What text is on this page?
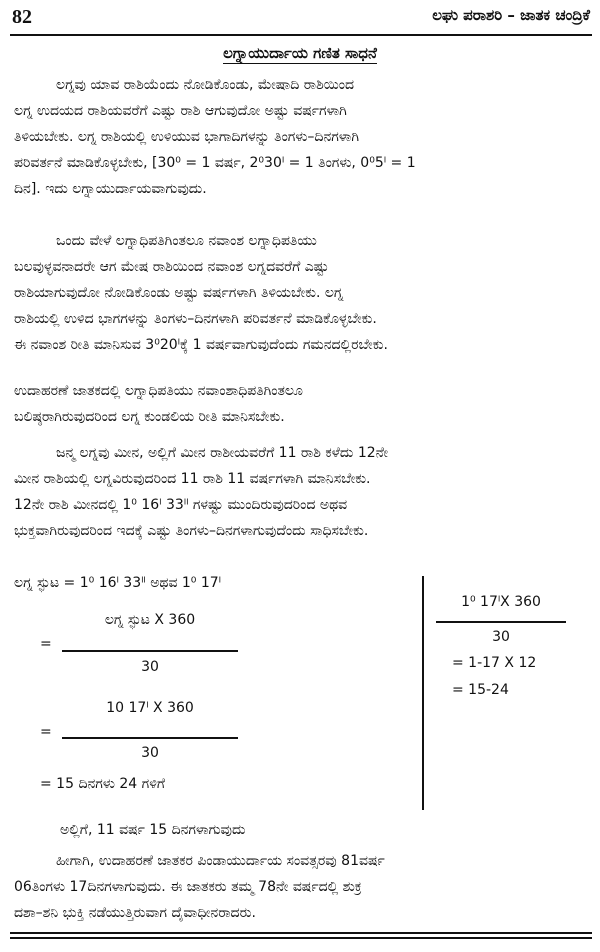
82	ಲಘು ಪರಾಶರಿ – ಜಾತಕ ಚಂದ್ರಿಕೆ
ಲಗ್ನಾಯುರ್ದಾಯ ಗಣಿತ ಸಾಧನೆ
ಲಗ್ನವು ಯಾವ ರಾಶಿಯೆಂದು ನೋಡಿಕೊಂಡು, ಮೇಷಾದಿ ರಾಶಿಯಿಂದ
ಲಗ್ನ ಉದಯದ ರಾಶಿಯವರೆಗೆ ಎಷ್ಟು ರಾಶಿ ಆಗುವುದೋ ಅಷ್ಟು ವರ್ಷಗಳಾಗಿ
ತಿಳಿಯಬೇಕು. ಲಗ್ನ ರಾಶಿಯಲ್ಲಿ ಉಳಿಯುವ ಭಾಗಾದಿಗಳನ್ನು ತಿಂಗಳು–ದಿನಗಳಾಗಿ
ಪರಿವರ್ತನೆ ಮಾಡಿಕೊಳ್ಳಬೇಕು, [30⁰ = 1 ವರ್ಷ, 2⁰30ˡ = 1 ತಿಂಗಳು, 0⁰5ˡ = 1
ದಿನ]. ಇದು ಲಗ್ನಾಯುರ್ದಾಯವಾಗುವುದು.
ಒಂದು ವೇಳೆ ಲಗ್ನಾಧಿಪತಿಗಿಂತಲೂ ನವಾಂಶ ಲಗ್ನಾಧಿಪತಿಯು
ಬಲವುಳ್ಳವನಾದರೇ ಆಗ ಮೇಷ ರಾಶಿಯಿಂದ ನವಾಂಶ ಲಗ್ನದವರೆಗೆ ಎಷ್ಟು
ರಾಶಿಯಾಗುವುದೋ ನೋಡಿಕೊಂಡು ಅಷ್ಟು ವರ್ಷಗಳಾಗಿ ತಿಳಿಯಬೇಕು. ಲಗ್ನ
ರಾಶಿಯಲ್ಲಿ ಉಳಿದ ಭಾಗಗಳನ್ನು ತಿಂಗಳು–ದಿನಗಳಾಗಿ ಪರಿವರ್ತನೆ ಮಾಡಿಕೊಳ್ಳಬೇಕು.
ಈ ನವಾಂಶ ರೀತಿ ಮಾನಿಸುವ 3⁰20ˡಕ್ಕೆ 1 ವರ್ಷವಾಗುವುದೆಂದು ಗಮನದಲ್ಲಿರಬೇಕು.
ಉದಾಹರಣೆ ಜಾತಕದಲ್ಲಿ ಲಗ್ನಾಧಿಪತಿಯು ನವಾಂಶಾಧಿಪತಿಗಿಂತಲೂ
ಬಲಿಷ್ಠರಾಗಿರುವುದರಿಂದ ಲಗ್ನ ಕುಂಡಲಿಯ ರೀತಿ ಮಾನಿಸಬೇಕು.
ಜನ್ಮ ಲಗ್ನವು ಮೀನ, ಅಲ್ಲಿಗೆ ಮೀನ ರಾಶೀಯವರೆಗೆ 11 ರಾಶಿ ಕಳೆದು 12ನೇ
ಮೀನ ರಾಶಿಯಲ್ಲಿ ಲಗ್ನವಿರುವುದರಿಂದ 11 ರಾಶಿ 11 ವರ್ಷಗಳಾಗಿ ಮಾನಿಸಬೇಕು.
12ನೇ ರಾಶಿ ಮೀನದಲ್ಲಿ 1⁰ 16ˡ 33ˡˡ ಗಳಷ್ಟು ಮುಂದಿರುವುದರಿಂದ ಅಥವ
ಭುಕ್ತವಾಗಿರುವುದರಿಂದ ಇದಕ್ಕೆ ಎಷ್ಟು ತಿಂಗಳು–ದಿನಗಳಾಗುವುದೆಂದು ಸಾಧಿಸಬೇಕು.
ಲಗ್ನ ಸ್ಫುಟ = 1⁰ 16ˡ 33ˡˡ ಅಥವ 1⁰ 17ˡ
=
ಲಗ್ನ ಸ್ಫುಟ X 360
30
=
10 17ˡ X 360
30
= 15 ದಿನಗಳು 24 ಗಳಿಗೆ
1⁰ 17ˡX 360
30
= 1-17 X 12
= 15-24
ಅಲ್ಲಿಗೆ, 11 ವರ್ಷ 15 ದಿನಗಳಾಗುವುದು
ಹೀಗಾಗಿ, ಉದಾಹರಣೆ ಜಾತಕರ ಪಿಂಡಾಯುರ್ದಾಯ ಸಂವತ್ಸರವು 81ವರ್ಷ
06ತಿಂಗಳು 17ದಿನಗಳಾಗುವುದು. ಈ ಜಾತಕರು ತಮ್ಮ 78ನೇ ವರ್ಷದಲ್ಲಿ ಶುಕ್ರ
ದಶಾ–ಶನಿ ಭುಕ್ತಿ ನಡೆಯುತ್ತಿರುವಾಗ ದೈವಾಧೀನರಾದರು.
